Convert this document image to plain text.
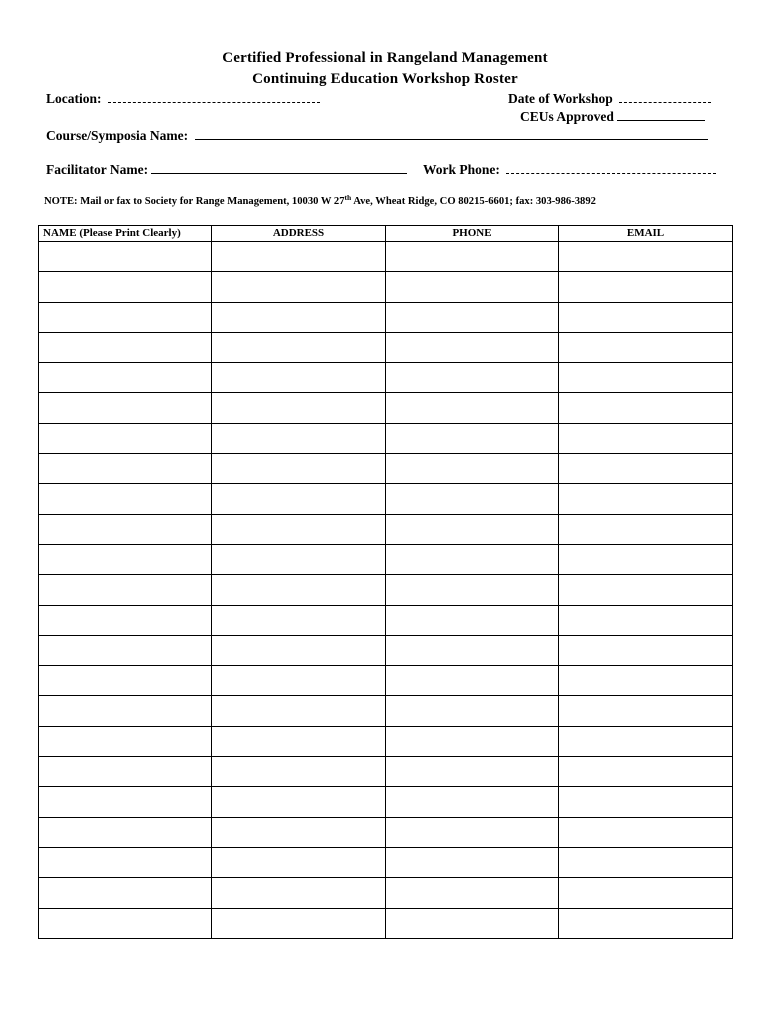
Certified Professional in Rangeland Management
Continuing Education Workshop Roster
Location:	Date of Workshop
CEUs Approved
Course/Symposia Name:
Facilitator Name:	Work Phone:
NOTE: Mail or fax to Society for Range Management, 10030 W 27th Ave, Wheat Ridge, CO 80215-6601; fax: 303-986-3892
NAME (Please Print Clearly)	ADDRESS	PHONE	EMAIL
